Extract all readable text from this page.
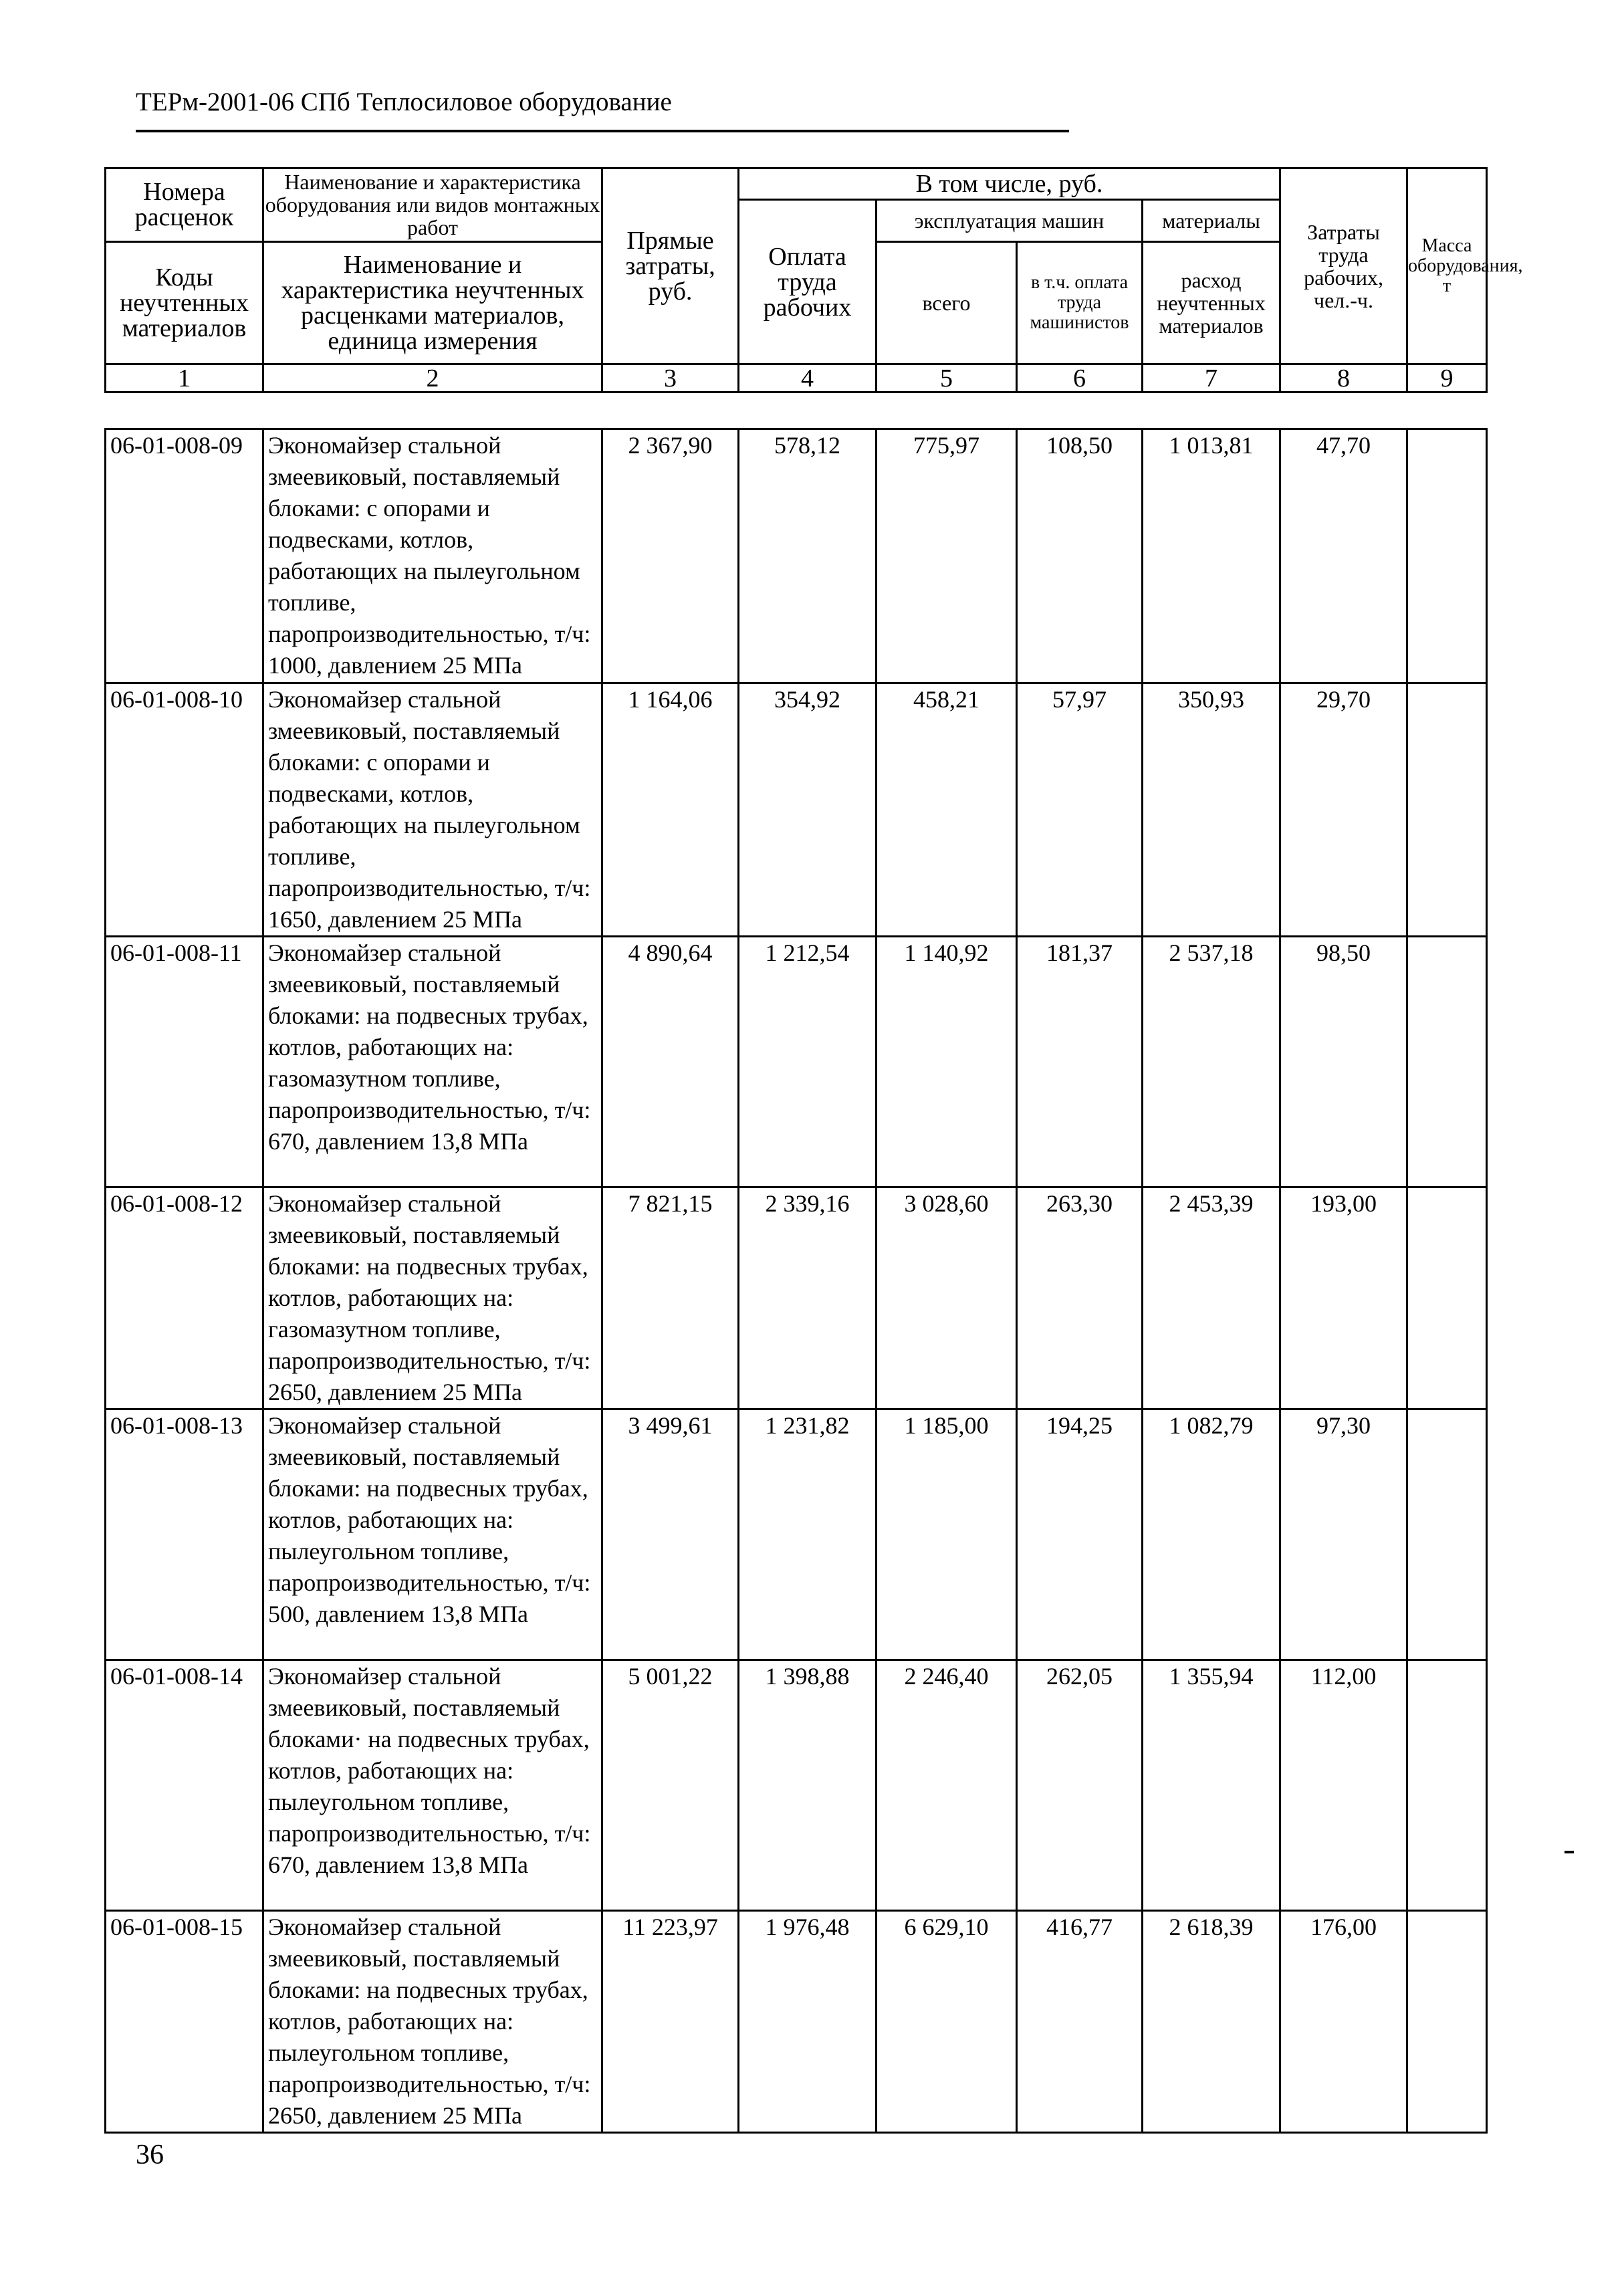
ТЕРм-2001-06 СПб Теплосиловое оборудование
Номера расценок	Наименование и характеристика оборудования или видов монтажных работ	Прямые затраты, руб.	В том числе, руб.				Затраты труда рабочих, чел.-ч.	Масса оборудования, т
			Оплата труда рабочих	эксплуатация машин		материалы		
Коды неучтенных материалов	Наименование и характеристика неучтенных расценками материалов, единица измерения			всего	в т.ч. оплата труда машинистов	расход неучтенных материалов		

1	2	3	4	5	6	7	8	9
06-01-008-09	Экономайзер стальной змеевиковый, поставляемый блоками: с опорами и подвесками, котлов, работающих на пылеугольном топливе, паропроизводительностью, т/ч: 1000, давлением 25 МПа	2 367,90	578,12	775,97	108,50	1 013,81	47,70	
06-01-008-10	Экономайзер стальной змеевиковый, поставляемый блоками: с опорами и подвесками, котлов, работающих на пылеугольном топливе, паропроизводительностью, т/ч: 1650, давлением 25 МПа	1 164,06	354,92	458,21	57,97	350,93	29,70	
06-01-008-11	Экономайзер стальной змеевиковый, поставляемый блоками: на подвесных трубах, котлов, работающих на: газомазутном топливе, паропроизводительностью, т/ч: 670, давлением 13,8 МПа	4 890,64	1 212,54	1 140,92	181,37	2 537,18	98,50	
06-01-008-12	Экономайзер стальной змеевиковый, поставляемый блоками: на подвесных трубах, котлов, работающих на: газомазутном топливе, паропроизводительностью, т/ч: 2650, давлением 25 МПа	7 821,15	2 339,16	3 028,60	263,30	2 453,39	193,00	
06-01-008-13	Экономайзер стальной змеевиковый, поставляемый блоками: на подвесных трубах, котлов, работающих на: пылеугольном топливе, паропроизводительностью, т/ч: 500, давлением 13,8 МПа	3 499,61	1 231,82	1 185,00	194,25	1 082,79	97,30	
06-01-008-14	Экономайзер стальной змеевиковый, поставляемый блоками· на подвесных трубах, котлов, работающих на: пылеугольном топливе, паропроизводительностью, т/ч: 670, давлением 13,8 МПа	5 001,22	1 398,88	2 246,40	262,05	1 355,94	112,00	
06-01-008-15	Экономайзер стальной змеевиковый, поставляемый блоками: на подвесных трубах, котлов, работающих на: пылеугольном топливе, паропроизводительностью, т/ч: 2650, давлением 25 МПа	11 223,97	1 976,48	6 629,10	416,77	2 618,39	176,00	
36
